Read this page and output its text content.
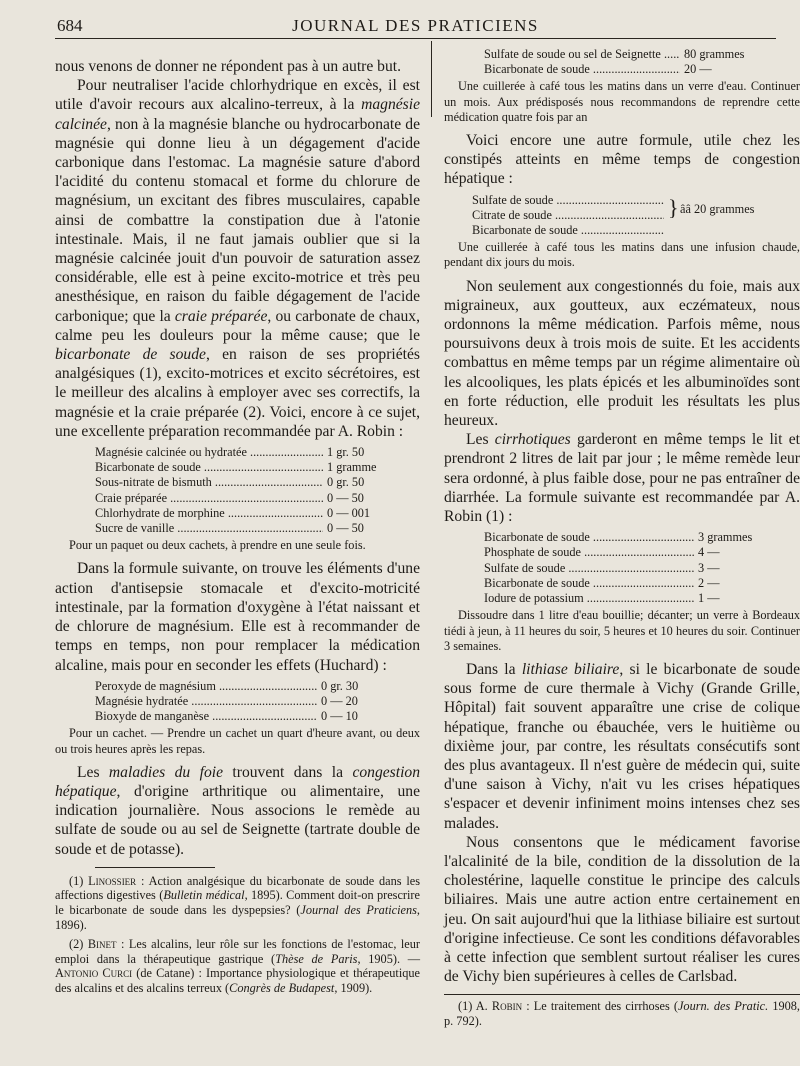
684	JOURNAL DES PRATICIENS

nous venons de donner ne répondent pas à un autre but.

Pour neutraliser l'acide chlorhydrique en excès, il est utile d'avoir recours aux alcalino-terreux, à la magnésie calcinée, non à la magnésie blanche ou hydrocarbonate de magnésie qui donne lieu à un dégagement d'acide carbonique dans l'estomac. La magnésie sature d'abord l'acidité du contenu stomacal et forme du chlorure de magnésium, un excitant des fibres musculaires, capable ainsi de combattre la constipation due à l'atonie intestinale. Mais, il ne faut jamais oublier que si la magnésie calcinée jouit d'un pouvoir de saturation assez considérable, elle est à peine excito-motrice et très peu anesthésique, en raison du faible dégagement de l'acide carbonique; que la craie préparée, ou carbonate de chaux, calme peu les douleurs pour la même cause; que le bicarbonate de soude, en raison de ses propriétés analgésiques (1), excito-motrices et excito sécrétoires, est le meilleur des alcalins à employer avec ses correctifs, la magnésie et la craie préparée (2). Voici, encore à ce sujet, une excellente préparation recommandée par A. Robin :

Magnésie calcinée ou hydratée .....	1 gr. 50
Bicarbonate de soude .....	1 gramme
Sous-nitrate de bismuth .....	0 gr. 50
Craie préparée .....	0 — 50
Chlorhydrate de morphine .....	0 — 001
Sucre de vanille .....	0 — 50

Pour un paquet ou deux cachets, à prendre en une seule fois.

Dans la formule suivante, on trouve les éléments d'une action d'antisepsie stomacale et d'excito-motricité intestinale, par la formation d'oxygène à l'état naissant et de chlorure de magnésium. Elle est à recommander de temps en temps, non pour remplacer la médication alcaline, mais pour en seconder les effets (Huchard) :

Peroxyde de magnésium .....	0 gr. 30
Magnésie hydratée .....	0 — 20
Bioxyde de manganèse .....	0 — 10

Pour un cachet. — Prendre un cachet un quart d'heure avant, ou deux ou trois heures après les repas.

Les maladies du foie trouvent dans la congestion hépatique, d'origine arthritique ou alimentaire, une indication journalière. Nous associons le remède au sulfate de soude ou au sel de Seignette (tartrate double de soude et de potasse).

(1) Linossier : Action analgésique du bicarbonate de soude dans les affections digestives (Bulletin médical, 1895). Comment doit-on prescrire le bicarbonate de soude dans les dyspepsies? (Journal des Praticiens, 1896).

(2) Binet : Les alcalins, leur rôle sur les fonctions de l'estomac, leur emploi dans la thérapeutique gastrique (Thèse de Paris, 1905). — Antonio Curci (de Catane) : Importance physiologique et thérapeutique des alcalins et des alcalins terreux (Congrès de Budapest, 1909).

Sulfate de soude ou sel de Seignette .....	80 grammes
Bicarbonate de soude .....	20 —

Une cuillerée à café tous les matins dans un verre d'eau. Continuer un mois. Aux prédisposés nous recommandons de reprendre cette médication quatre fois par an

Voici encore une autre formule, utile chez les constipés atteints en même temps de congestion hépatique :

Sulfate de soude .....
Citrate de soude .....
Bicarbonate de soude .....
} ââ 20 grammes

Une cuillerée à café tous les matins dans une infusion chaude, pendant dix jours du mois.

Non seulement aux congestionnés du foie, mais aux migraineux, aux goutteux, aux eczémateux, nous ordonnons la même médication. Parfois même, nous poursuivons deux à trois mois de suite. Et les accidents combattus en même temps par un régime alimentaire où les alcooliques, les plats épicés et les albuminoïdes sont en forte réduction, elle produit les résultats les plus heureux.

Les cirrhotiques garderont en même temps le lit et prendront 2 litres de lait par jour ; le même remède leur sera ordonné, à plus faible dose, pour ne pas entraîner de diarrhée. La formule suivante est recommandée par A. Robin (1) :

Bicarbonate de soude .....	3 grammes
Phosphate de soude .....	4 —
Sulfate de soude .....	3 —
Bicarbonate de soude .....	2 —
Iodure de potassium .....	1 —

Dissoudre dans 1 litre d'eau bouillie; décanter; un verre à Bordeaux tiédi à jeun, à 11 heures du soir, 5 heures et 10 heures du soir. Continuer 3 semaines.

Dans la lithiase biliaire, si le bicarbonate de soude sous forme de cure thermale à Vichy (Grande Grille, Hôpital) fait souvent apparaître une crise de colique hépatique, franche ou ébauchée, vers le huitième ou dixième jour, par contre, les résultats consécutifs sont des plus avantageux. Il n'est guère de médecin qui, suite d'une saison à Vichy, n'ait vu les crises hépatiques s'espacer et devenir infiniment moins intenses chez ses malades.

Nous consentons que le médicament favorise l'alcalinité de la bile, condition de la dissolution de la cholestérine, laquelle constitue le principe des calculs biliaires. Mais une autre action entre certainement en jeu. On sait aujourd'hui que la lithiase biliaire est surtout d'origine infectieuse. Ce sont les conditions défavorables à cette infection que semblent surtout réaliser les cures de Vichy bien supérieures à celles de Carlsbad.

(1) A. Robin : Le traitement des cirrhoses (Journ. des Pratic. 1908, p. 792).
